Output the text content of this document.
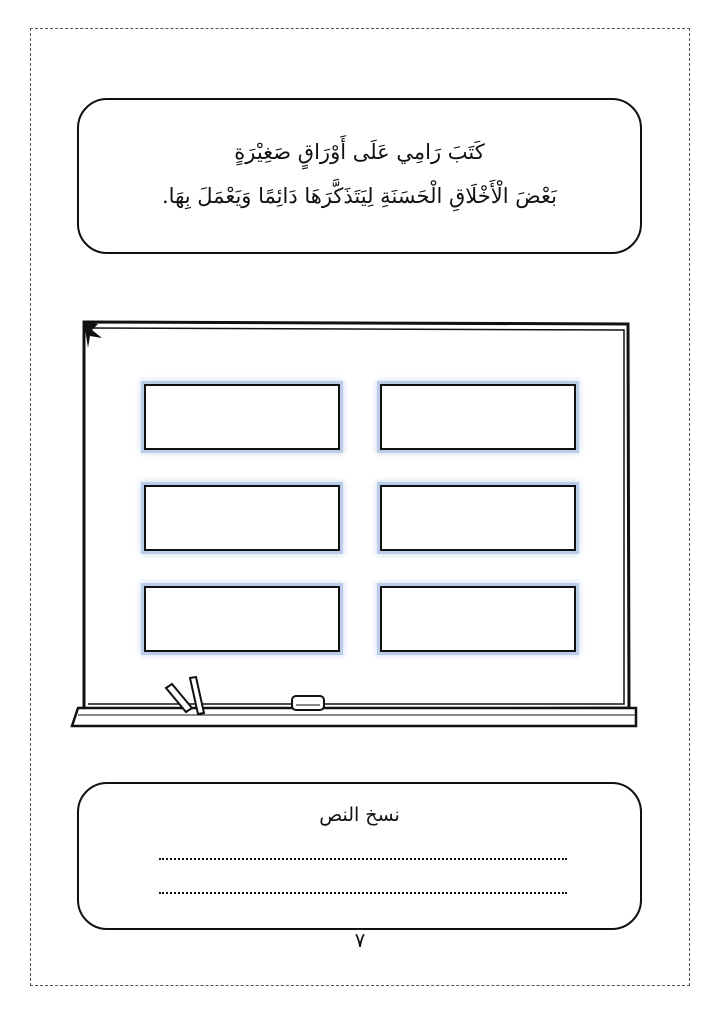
كَتَبَ رَامِي عَلَى أَوْرَاقٍ صَغِيْرَةٍ
بَعْضَ الْأَخْلَاقِ الْحَسَنَةِ لِيَتَذَكَّرَهَا دَائِمًا وَيَعْمَلَ بِهَا.
نسخ النص
٧
